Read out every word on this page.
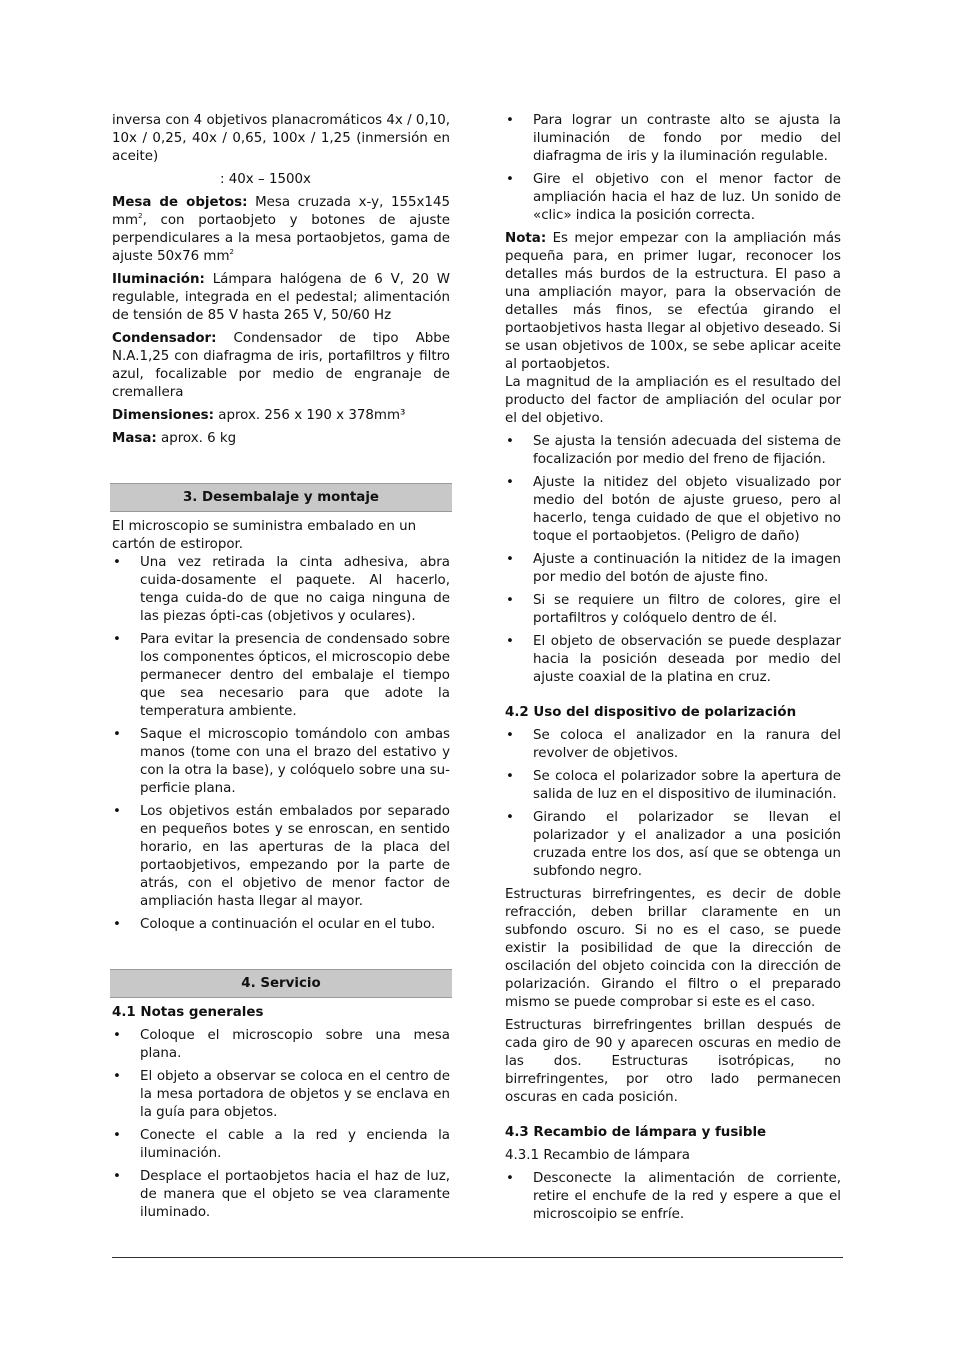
inversa con 4 objetivos planacromáticos 4x / 0,10, 10x / 0,25, 40x / 0,65, 100x / 1,25 (inmersión en aceite)

: 40x – 1500x

Mesa de objetos: Mesa cruzada x-y, 155x145 $mm^2$, con portaobjeto y botones de ajuste perpendiculares a la mesa portaobjetos, gama de ajuste 50x76 $mm^2$

Iluminación: Lámpara halógena de 6 V, 20 W regulable, integrada en el pedestal; alimentación de tensión de 85 V hasta 265 V, 50/60 Hz

Condensador: Condensador de tipo Abbe N.A.1,25 con diafragma de iris, portafiltros y filtro azul, focalizable por medio de engranaje de cremallera

Dimensiones: aprox. 256 x 190 x 378mm³

Masa: aprox. 6 kg

3. Desembalaje y montaje

El microscopio se suministra embalado en un cartón de estiropor.

• Una vez retirada la cinta adhesiva, abra cuida-dosamente el paquete. Al hacerlo, tenga cuida-do de que no caiga ninguna de las piezas ópti-cas (objetivos y oculares).
• Para evitar la presencia de condensado sobre los componentes ópticos, el microscopio debe permanecer dentro del embalaje el tiempo que sea necesario para que adote la temperatura ambiente.
• Saque el microscopio tomándolo con ambas manos (tome con una el brazo del estativo y con la otra la base), y colóquelo sobre una su-perficie plana.
• Los objetivos están embalados por separado en pequeños botes y se enroscan, en sentido horario, en las aperturas de la placa del portaobjetivos, empezando por la parte de atrás, con el objetivo de menor factor de ampliación hasta llegar al mayor.
• Coloque a continuación el ocular en el tubo.
4. Servicio
4.1 Notas generales
• Coloque el microscopio sobre una mesa plana.
• El objeto a observar se coloca en el centro de la mesa portadora de objetos y se enclava en la guía para objetos.
• Conecte el cable a la red y encienda la iluminación.
• Desplace el portaobjetos hacia el haz de luz, de manera que el objeto se vea claramente iluminado.
• Para lograr un contraste alto se ajusta la iluminación de fondo por medio del diafragma de iris y la iluminación regulable.
• Gire el objetivo con el menor factor de ampliación hacia el haz de luz. Un sonido de «clic» indica la posición correcta.

Nota: Es mejor empezar con la ampliación más pequeña para, en primer lugar, reconocer los detalles más burdos de la estructura. El paso a una ampliación mayor, para la observación de detalles más finos, se efectúa girando el portaobjetivos hasta llegar al objetivo deseado. Si se usan objetivos de 100x, se sebe aplicar aceite al portaobjetos.

La magnitud de la ampliación es el resultado del producto del factor de ampliación del ocular por el del objetivo.

• Se ajusta la tensión adecuada del sistema de focalización por medio del freno de fijación.
• Ajuste la nitidez del objeto visualizado por medio del botón de ajuste grueso, pero al hacerlo, tenga cuidado de que el objetivo no toque el portaobjetos. (Peligro de daño)
• Ajuste a continuación la nitidez de la imagen por medio del botón de ajuste fino.
• Si se requiere un filtro de colores, gire el portafiltros y colóquelo dentro de él.
• El objeto de observación se puede desplazar hacia la posición deseada por medio del ajuste coaxial de la platina en cruz.
4.2 Uso del dispositivo de polarización
• Se coloca el analizador en la ranura del revolver de objetivos.
• Se coloca el polarizador sobre la apertura de salida de luz en el dispositivo de iluminación.
• Girando el polarizador se llevan el polarizador y el analizador a una posición cruzada entre los dos, así que se obtenga un subfondo negro.

Estructuras birrefringentes, es decir de doble refracción, deben brillar claramente en un subfondo oscuro. Si no es el caso, se puede existir la posibilidad de que la dirección de oscilación del objeto coincida con la dirección de polarización. Girando el filtro o el preparado mismo se puede comprobar si este es el caso.

Estructuras birrefringentes brillan después de cada giro de 90 y aparecen oscuras en medio de las dos. Estructuras isotrópicas, no birrefringentes, por otro lado permanecen oscuras en cada posición.

4.3 Recambio de lámpara y fusible

4.3.1 Recambio de lámpara

• Desconecte la alimentación de corriente, retire el enchufe de la red y espere a que el microscoipio se enfríe.
